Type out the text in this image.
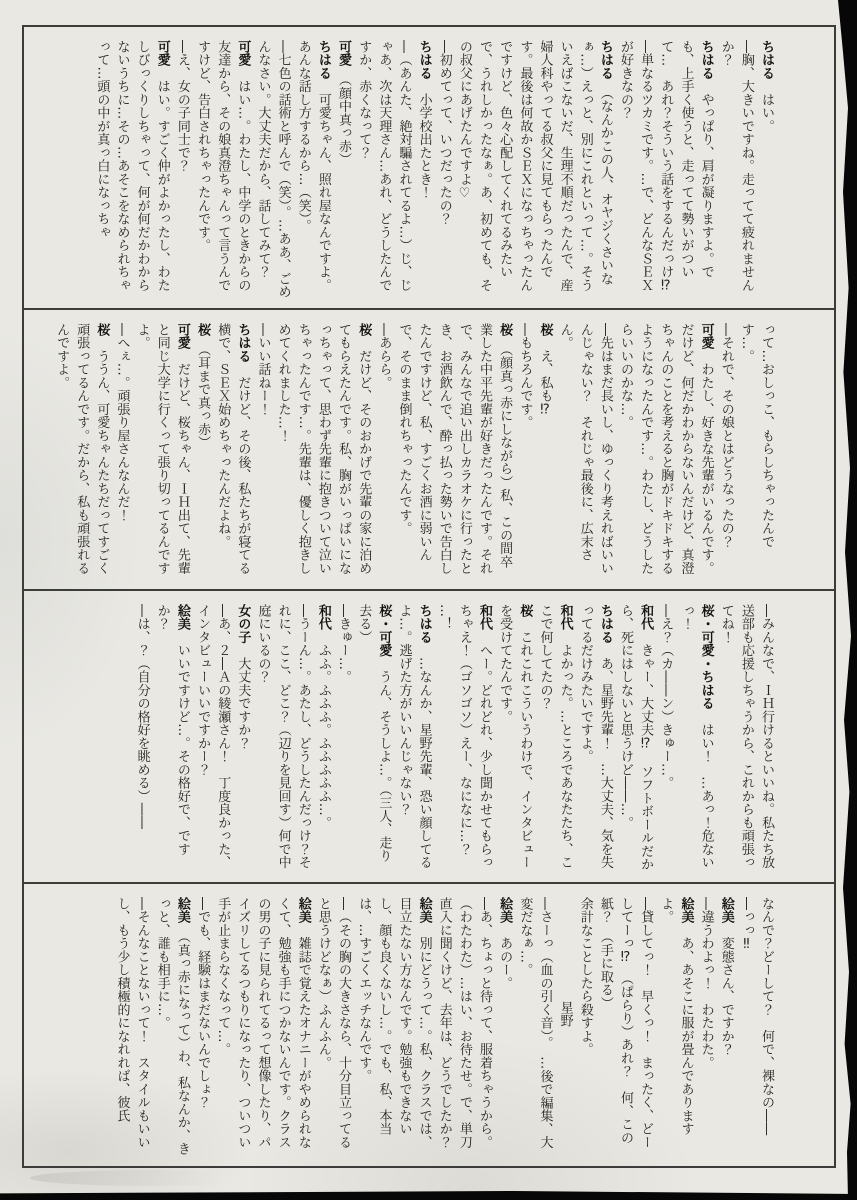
ちはる　はい。

―胸、大きいですね。走ってて疲れませんか？

ちはる　やっぱり、肩が凝りますよ。でも、上手く使うと、走ってて勢いがついて…　あれ？そういう話をするんだっけ⁉

―単なるツカミです。…で、どんなＳＥＸが好きなの？

ちはる　（なんかこの人、オヤジくさいなぁ…）えっと、別にこれといって…。そういえばこないだ、生理不順だったんで、産婦人科やってる叔父に見てもらったんです。最後は何故かＳＥＸになっちゃったんですけど、色々心配してくれてるみたいで、うれしかったなぁ。あ、初めても、その叔父にあげたんですよ♡

―初めてって、いつだったの？

ちはる　小学校出たとき！

―（あんた、絶対騙されてるよ…）じ、じゃあ、次は天理さん…あれ、どうしたんですか、赤くなって？

可愛　（顔中真っ赤）

ちはる　可愛ちゃん、照れ屋なんですよ。あんな話し方するから…（笑）。

―七色の話術と呼んで（笑）。…ああ、ごめんなさい。大丈夫だから、話してみて？

可愛　はい…。わたし、中学のときからの友達から、その娘真澄ちゃんって言うんですけど、告白されちゃったんです。

―え、女の子同士で？

可愛　はい。すごく仲がよかったし、わたしびっくりしちゃって、何が何だかわからないうちに…その…あそこをなめられちゃって…頭の中が真っ白になっちゃ

って…おしっこ、もらしちゃったんです…。

―それで、その娘とはどうなったの？

可愛　わたし、好きな先輩がいるんです。だけど、何だかわからないんだけど、真澄ちゃんのことを考えると胸がドキドキするようになったんです…。わたし、どうしたらいいのかな…。

―先はまだ長いし、ゆっくり考えればいいんじゃない？　それじゃ最後に、広末さん。

桜　え、私も⁉

―もちろんです。

桜　（顔真っ赤にしながら）私、この間卒業した中平先輩が好きだったんです。それで、みんなで追い出しカラオケに行ったとき、お酒飲んで、酔っ払った勢いで告白したんですけど、私、すごくお酒に弱いんで、そのまま倒れちゃったんです。

―あらら。

桜　だけど、そのおかげで先輩の家に泊めてもらえたんです。私、胸がいっぱいになっちゃって、思わず先輩に抱きついて泣いちゃったんです…。先輩は、優しく抱きしめてくれました…！

―いい話ねー！

ちはる　だけど、その後、私たちが寝てる横で、ＳＥＸ始めちゃったんだよね。

桜　（耳まで真っ赤）

可愛　だけど、桜ちゃん、ＩＨ出て、先輩と同じ大学に行くって張り切ってるんですよ。

―へぇ…。頑張り屋さんなんだ！

桜　ううん、可愛ちゃんたちだってすごく頑張ってるんです。だから、私も頑張れるんですよ。

―みんなで、ＩＨ行けるといいね。私たち放送部も応援しちゃうから、これからも頑張ってね！

桜・可愛・ちはる　はい！　…あっ！危ないっ！

―え？（カ――ン）きゅー…。

和代　きゃー、大丈夫⁉　ソフトボールだから、死にはしないと思うけど――…。

ちはる　あ、星野先輩！　…大丈夫、気を失ってるだけみたいですよ。

和代　よかった。…ところであなたたち、ここで何してたの？

桜　これこれこういうわけで、インタビューを受けてたんです。

和代　へー。どれどれ、少し聞かせてもらっちゃえ！（ゴソゴソ）えー、なになに…？

…！

ちはる　…なんか、星野先輩、恐い顔してるよ…。逃げた方がいいんじゃない？

桜・可愛　うん、そうしよ…。（三人、走り去る）

―きゅー…。

和代　ふふ。ふふふ。ふふふふふ…。

―うーん…。あたし、どうしたんだっけ？それに、ここ、どこ？（辺りを見回す）何で中庭にいるの？

女の子　大丈夫ですか？

―あ、２―Ａの綾瀬さん！　丁度良かった、インタビューいいですかー？

絵美　いいですけど…。その格好で、ですか？

―は、？（自分の格好を眺める）――

なんで？どーして？　何で、裸なの――

―っっ‼

絵美　変態さん、ですか？

―違うわよっ！　わたわた。

絵美　あ、あそこに服が畳んでありますよ。

―貸してっ！　早くっ！　まったく、どーしてーっ⁉　（ぱらり）あれ？　何、この紙？　（手に取る）

余計なことしたら殺すよ。

星野

―さーっ（血の引く音）。　…後で編集、大変だなぁ…。

絵美　あのー。

―あ、ちょっと待って、服着ちゃうから。（わたわた）…はい、お待たせ。で、単刀直入に聞くけど、去年は、どうでしたか？

絵美　別にどうって…。私、クラスでは、目立たない方なんです。勉強もできないし、顔も良くないし…。でも、私、本当は、…すごくエッチなんです。

―（その胸の大きさなら、十分目立ってると思うけどなぁ）ふんふん。

絵美　雑誌で覚えたオナニーがやめられなくて、勉強も手につかないんです。クラスの男の子に見られてるって想像したり、パイズリしてるつもりになったり、ついつい手が止まらなくなって…。

―でも、経験はまだないんでしょ？

絵美　（真っ赤になって）わ、私なんか、きっと、誰も相手に…。

―そんなことないって！　スタイルもいいし、もう少し積極的になれれば、彼氏
